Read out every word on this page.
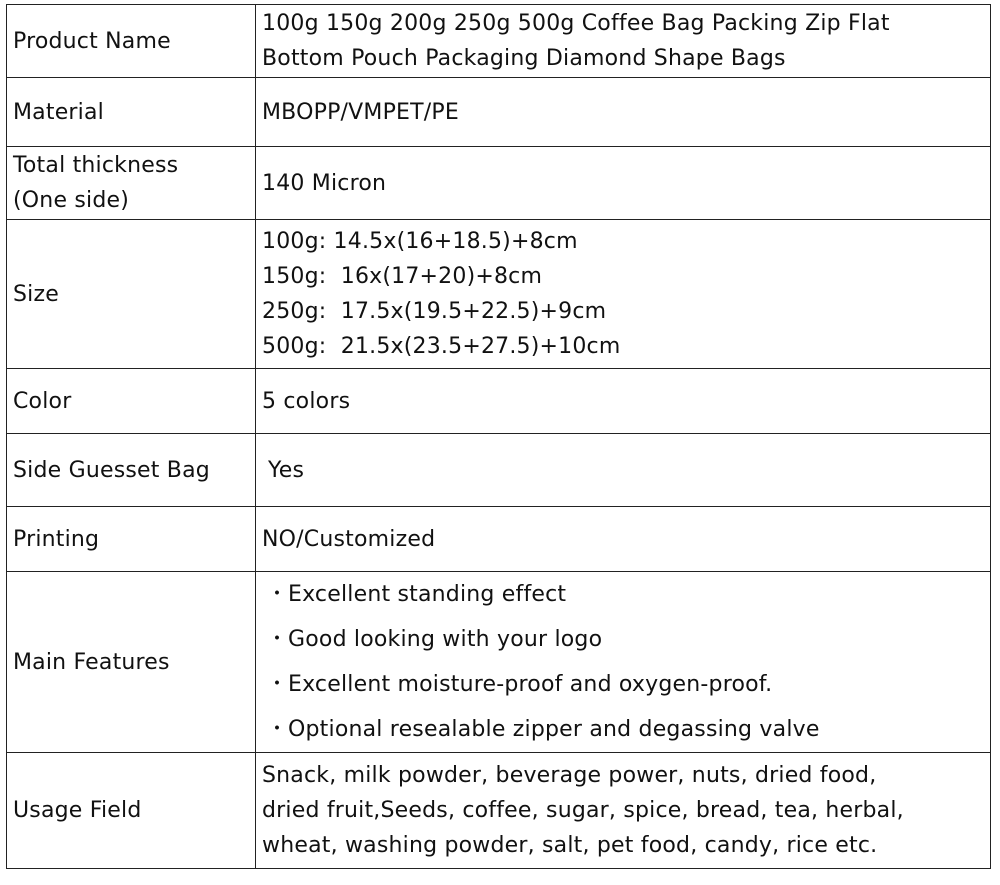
Product Name	100g 150g 200g 250g 500g Coffee Bag Packing Zip Flat
Bottom Pouch Packaging Diamond Shape Bags

Material	MBOPP/VMPET/PE

Total thickness
(One side)	140 Micron

Size	100g: 14.5x(16+18.5)+8cm
150g:  16x(17+20)+8cm
250g:  17.5x(19.5+22.5)+9cm
500g:  21.5x(23.5+27.5)+10cm

Color	5 colors

Side Guesset Bag	Yes

Printing	NO/Customized

Main Features	・Excellent standing effect
・Good looking with your logo
・Excellent moisture-proof and oxygen-proof.
・Optional resealable zipper and degassing valve

Usage Field	Snack, milk powder, beverage power, nuts, dried food,
dried fruit,Seeds, coffee, sugar, spice, bread, tea, herbal,
wheat, washing powder, salt, pet food, candy, rice etc.
